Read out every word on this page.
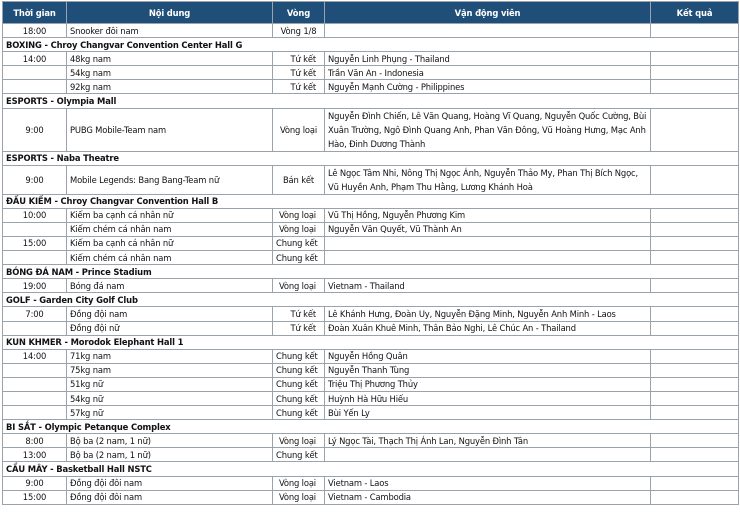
Thời gian	Nội dung	Vòng	Vận động viên	Kết quả
18:00	Snooker đôi nam	Vòng 1/8		
BOXING - Chroy Changvar Convention Center Hall G				
14:00	48kg nam	Tứ kết	Nguyễn Linh Phụng - Thailand	
	54kg nam	Tứ kết	Trần Văn An - Indonesia	
	92kg nam	Tứ kết	Nguyễn Mạnh Cường - Philippines	
ESPORTS - Olympia Mall				
9:00	PUBG Mobile-Team nam	Vòng loại	Nguyễn Đình Chiến, Lê Văn Quang, Hoàng Vĩ Quang, Nguyễn Quốc Cường, Bùi Xuân Trường, Ngô Đình Quang Anh, Phan Văn Đông, Vũ Hoàng Hưng, Mạc Anh Hào, Đinh Dương Thành	
ESPORTS - Naba Theatre				
9:00	Mobile Legends: Bang Bang-Team nữ	Bán kết	Lê Ngọc Tâm Nhi, Nông Thị Ngọc Ánh, Nguyễn Thảo My, Phan Thị Bích Ngọc, Vũ Huyền Anh, Phạm Thu Hằng, Lương Khánh Hoà	
ĐẤU KIẾM - Chroy Changvar Convention Hall B				
10:00	Kiếm ba cạnh cá nhân nữ	Vòng loại	Vũ Thị Hồng, Nguyễn Phương Kim	
	Kiếm chém cá nhân nam	Vòng loại	Nguyễn Văn Quyết, Vũ Thành An	
15:00	Kiếm ba cạnh cá nhân nữ	Chung kết		
	Kiếm chém cá nhân nam	Chung kết		
BÓNG ĐÁ NAM - Prince Stadium				
19:00	Bóng đá nam	Vòng loại	Vietnam - Thailand	
GOLF - Garden City Golf Club				
7:00	Đồng đội nam	Tứ kết	Lê Khánh Hưng, Đoàn Uy, Nguyễn Đặng Minh, Nguyễn Anh Minh - Laos	
	Đồng đội nữ	Tứ kết	Đoàn Xuân Khuê Minh, Thân Bảo Nghi, Lê Chúc An - Thailand	
KUN KHMER - Morodok Elephant Hall 1				
14:00	71kg nam	Chung kết	Nguyễn Hồng Quân	
	75kg nam	Chung kết	Nguyễn Thanh Tùng	
	51kg nữ	Chung kết	Triệu Thị Phương Thủy	
	54kg nữ	Chung kết	Huỳnh Hà Hữu Hiếu	
	57kg nữ	Chung kết	Bùi Yến Ly	
BI SẮT - Olympic Petanque Complex				
8:00	Bộ ba (2 nam, 1 nữ)	Vòng loại	Lý Ngọc Tài, Thạch Thị Ánh Lan, Nguyễn Đình Tân	
13:00	Bộ ba (2 nam, 1 nữ)	Chung kết		
CẦU MÂY - Basketball Hall NSTC				
9:00	Đồng đội đôi nam	Vòng loại	Vietnam - Laos	
15:00	Đồng đội đôi nam	Vòng loại	Vietnam - Cambodia	
